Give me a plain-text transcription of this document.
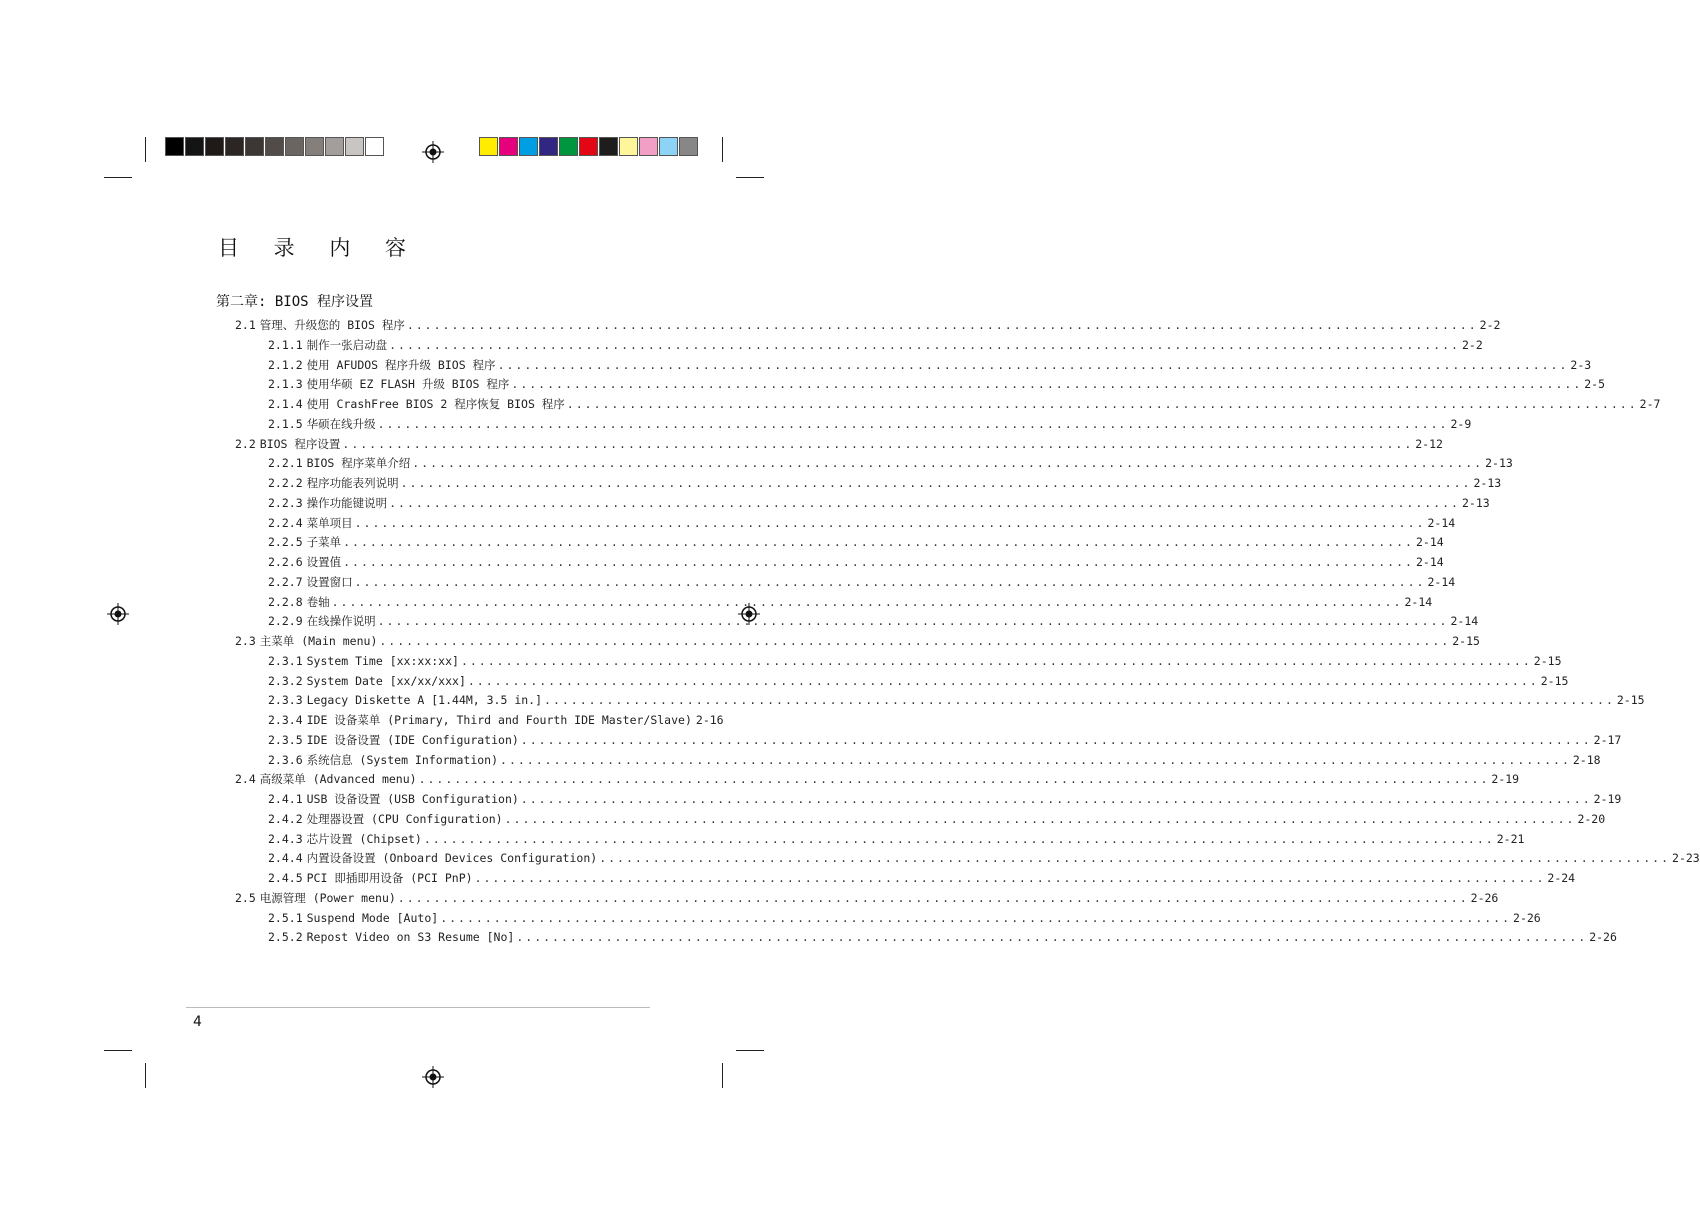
目 录 内 容
第二章: BIOS 程序设置
2.1 管理、升级您的 BIOS 程序 ........................................................................................................................ 2-2
2.1.1 制作一张启动盘 ........................................................................................................................ 2-2
2.1.2 使用 AFUDOS 程序升级 BIOS 程序 ........................................................................................................................ 2-3
2.1.3 使用华硕 EZ FLASH 升级 BIOS 程序 ........................................................................................................................ 2-5
2.1.4 使用 CrashFree BIOS 2 程序恢复 BIOS 程序 ........................................................................................................................ 2-7
2.1.5 华硕在线升级 ........................................................................................................................ 2-9
2.2 BIOS 程序设置 ........................................................................................................................ 2-12
2.2.1 BIOS 程序菜单介绍 ........................................................................................................................ 2-13
2.2.2 程序功能表列说明 ........................................................................................................................ 2-13
2.2.3 操作功能键说明 ........................................................................................................................ 2-13
2.2.4 菜单项目 ........................................................................................................................ 2-14
2.2.5 子菜单 ........................................................................................................................ 2-14
2.2.6 设置值 ........................................................................................................................ 2-14
2.2.7 设置窗口 ........................................................................................................................ 2-14
2.2.8 卷轴 ........................................................................................................................ 2-14
2.2.9 在线操作说明 ........................................................................................................................ 2-14
2.3 主菜单 (Main menu) ........................................................................................................................ 2-15
2.3.1 System Time [xx:xx:xx] ........................................................................................................................ 2-15
2.3.2 System Date [xx/xx/xxx] ........................................................................................................................ 2-15
2.3.3 Legacy Diskette A [1.44M, 3.5 in.] ........................................................................................................................ 2-15
2.3.4 IDE 设备菜单 (Primary, Third and Fourth IDE Master/Slave) 2-16
2.3.5 IDE 设备设置 (IDE Configuration) ........................................................................................................................ 2-17
2.3.6 系统信息 (System Information) ........................................................................................................................ 2-18
2.4 高级菜单 (Advanced menu) ........................................................................................................................ 2-19
2.4.1 USB 设备设置 (USB Configuration) ........................................................................................................................ 2-19
2.4.2 处理器设置 (CPU Configuration) ........................................................................................................................ 2-20
2.4.3 芯片设置 (Chipset) ........................................................................................................................ 2-21
2.4.4 内置设备设置 (Onboard Devices Configuration) ........................................................................................................................ 2-23
2.4.5 PCI 即插即用设备 (PCI PnP) ........................................................................................................................ 2-24
2.5 电源管理 (Power menu) ........................................................................................................................ 2-26
2.5.1 Suspend Mode [Auto] ........................................................................................................................ 2-26
2.5.2 Repost Video on S3 Resume [No] ........................................................................................................................ 2-26
4
